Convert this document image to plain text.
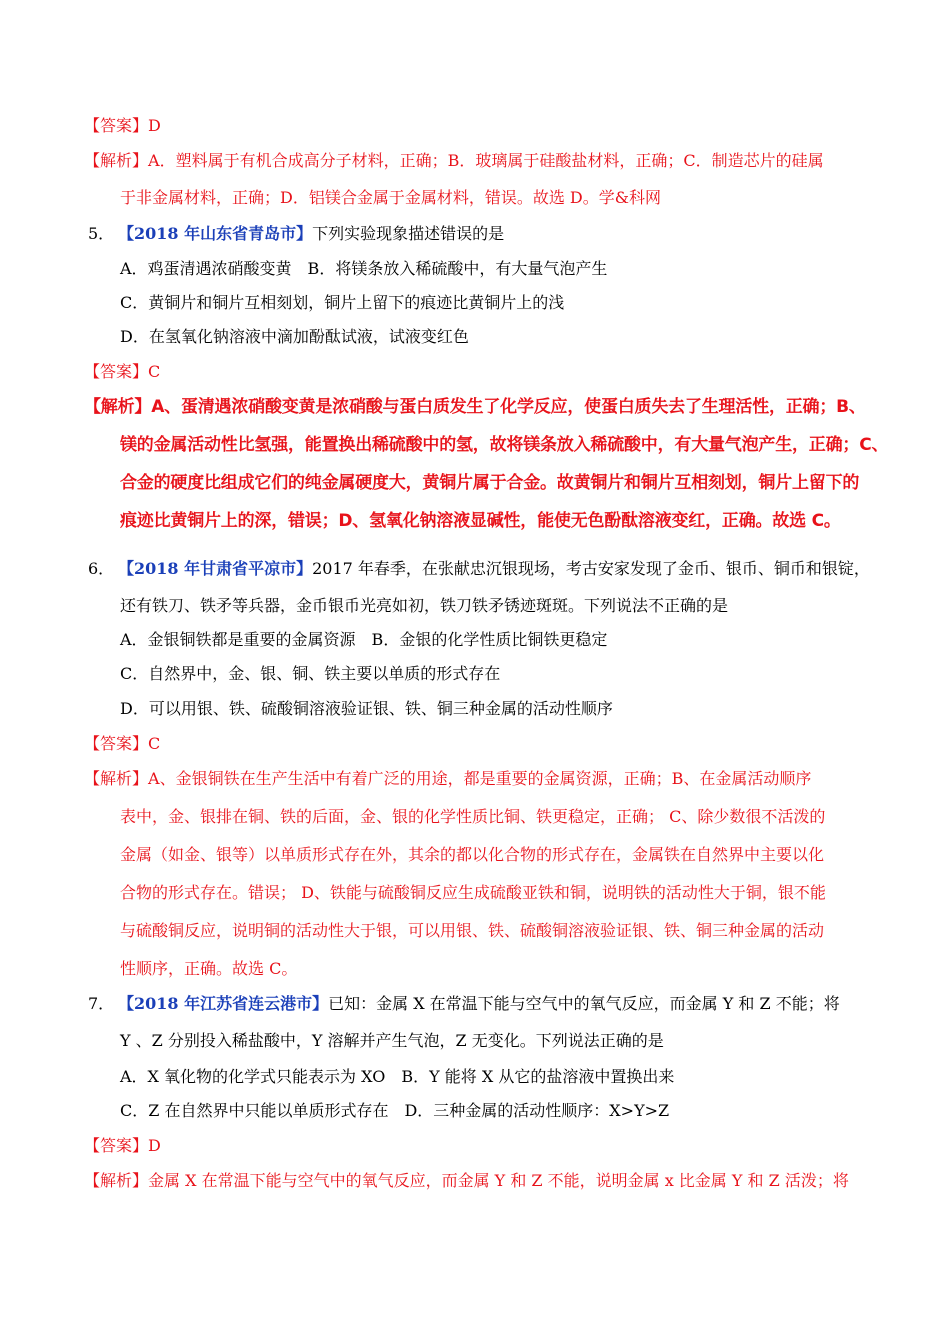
【答案】D
【解析】A．塑料属于有机合成高分子材料，正确；B．玻璃属于硅酸盐材料，正确；C．制造芯片的硅属
于非金属材料，正确；D．铝镁合金属于金属材料，错误。故选 D。学&科网
5． 【2018 年山东省青岛市】下列实验现象描述错误的是
A．鸡蛋清遇浓硝酸变黄　B．将镁条放入稀硫酸中，有大量气泡产生
C．黄铜片和铜片互相刻划，铜片上留下的痕迹比黄铜片上的浅
D．在氢氧化钠溶液中滴加酚酞试液，试液变红色
【答案】C
【解析】A、蛋清遇浓硝酸变黄是浓硝酸与蛋白质发生了化学反应，使蛋白质失去了生理活性，正确；B、
镁的金属活动性比氢强，能置换出稀硫酸中的氢，故将镁条放入稀硫酸中，有大量气泡产生，正确；C、
合金的硬度比组成它们的纯金属硬度大，黄铜片属于合金。故黄铜片和铜片互相刻划，铜片上留下的
痕迹比黄铜片上的深，错误；D、氢氧化钠溶液显碱性，能使无色酚酞溶液变红，正确。故选 C。
6． 【2018 年甘肃省平凉市】2017 年春季，在张献忠沉银现场，考古安家发现了金币、银币、铜币和银锭，
还有铁刀、铁矛等兵器，金币银币光亮如初，铁刀铁矛锈迹斑斑。下列说法不正确的是
A．金银铜铁都是重要的金属资源　B．金银的化学性质比铜铁更稳定
C．自然界中，金、银、铜、铁主要以单质的形式存在
D．可以用银、铁、硫酸铜溶液验证银、铁、铜三种金属的活动性顺序
【答案】C
【解析】A、金银铜铁在生产生活中有着广泛的用途，都是重要的金属资源，正确；B、在金属活动顺序
表中，金、银排在铜、铁的后面，金、银的化学性质比铜、铁更稳定，正确； C、除少数很不活泼的
金属（如金、银等）以单质形式存在外，其余的都以化合物的形式存在，金属铁在自然界中主要以化
合物的形式存在。错误； D、铁能与硫酸铜反应生成硫酸亚铁和铜，说明铁的活动性大于铜，银不能
与硫酸铜反应，说明铜的活动性大于银，可以用银、铁、硫酸铜溶液验证银、铁、铜三种金属的活动
性顺序，正确。故选 C。
7． 【2018 年江苏省连云港市】已知：金属 X 在常温下能与空气中的氧气反应，而金属 Y 和 Z 不能；将
Y 、Z 分别投入稀盐酸中，Y 溶解并产生气泡，Z 无变化。下列说法正确的是
A．X 氧化物的化学式只能表示为 XO　B．Y 能将 X 从它的盐溶液中置换出来
C．Z 在自然界中只能以单质形式存在　D．三种金属的活动性顺序：X>Y>Z
【答案】D
【解析】金属 X 在常温下能与空气中的氧气反应，而金属 Y 和 Z 不能，说明金属 x 比金属 Y 和 Z 活泼；将
